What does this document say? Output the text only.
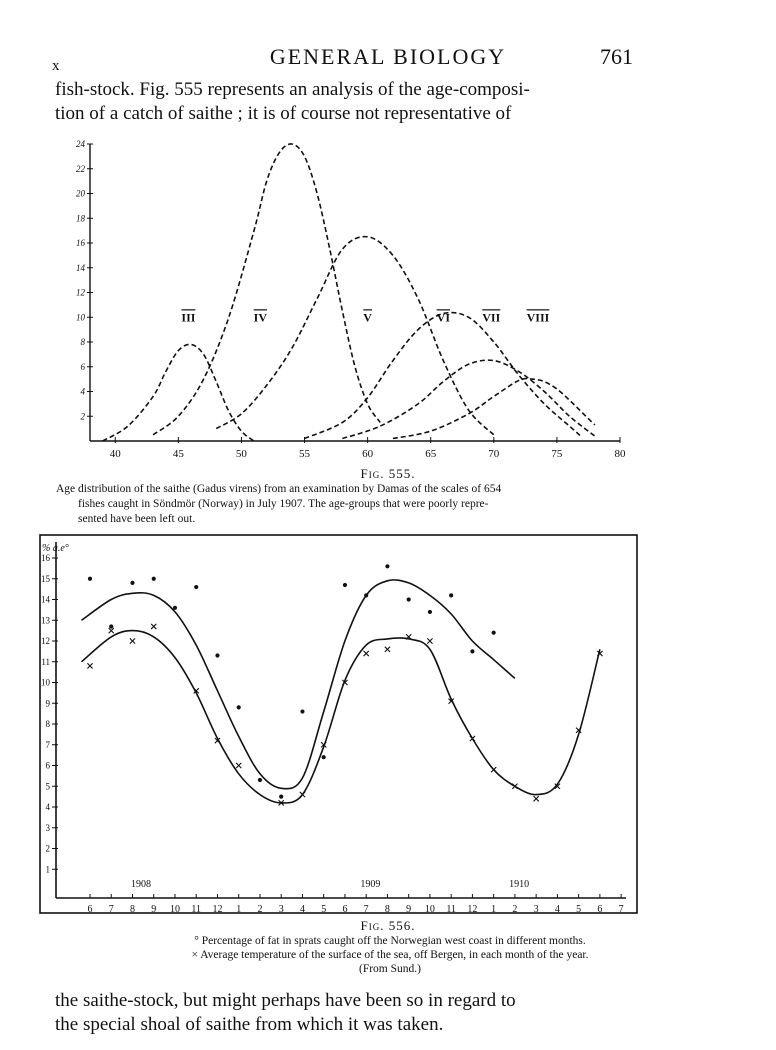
x	GENERAL BIOLOGY	761
fish-stock. Fig. 555 represents an analysis of the age-composi-
tion of a catch of saithe ; it is of course not representative of
2
4
6
8
10
12
14
16
18
20
22
24
40	45	50	55	60	65	70	75	80
III	IV	V	VI	VII VIII
Fig. 555.
Age distribution of the saithe (Gadus virens) from an examination by Damas of the scales of 654
fishes caught in Söndmör (Norway) in July 1907. The age-groups that were poorly repre-
sented have been left out.
% a.e°
1
2
3
4
5
6
7
8
9
10
11
12
13
14
15
16
6 7 8 9 10 11 12 1 2 3 4 5 6 7 8 9 10 11 12 1 2 3 4 5 6 7
1908	1909	1910
Fig. 556.
° Percentage of fat in sprats caught off the Norwegian west coast in different months.
× Average temperature of the surface of the sea, off Bergen, in each month of the year.
(From Sund.)
the saithe-stock, but might perhaps have been so in regard to
the special shoal of saithe from which it was taken.
